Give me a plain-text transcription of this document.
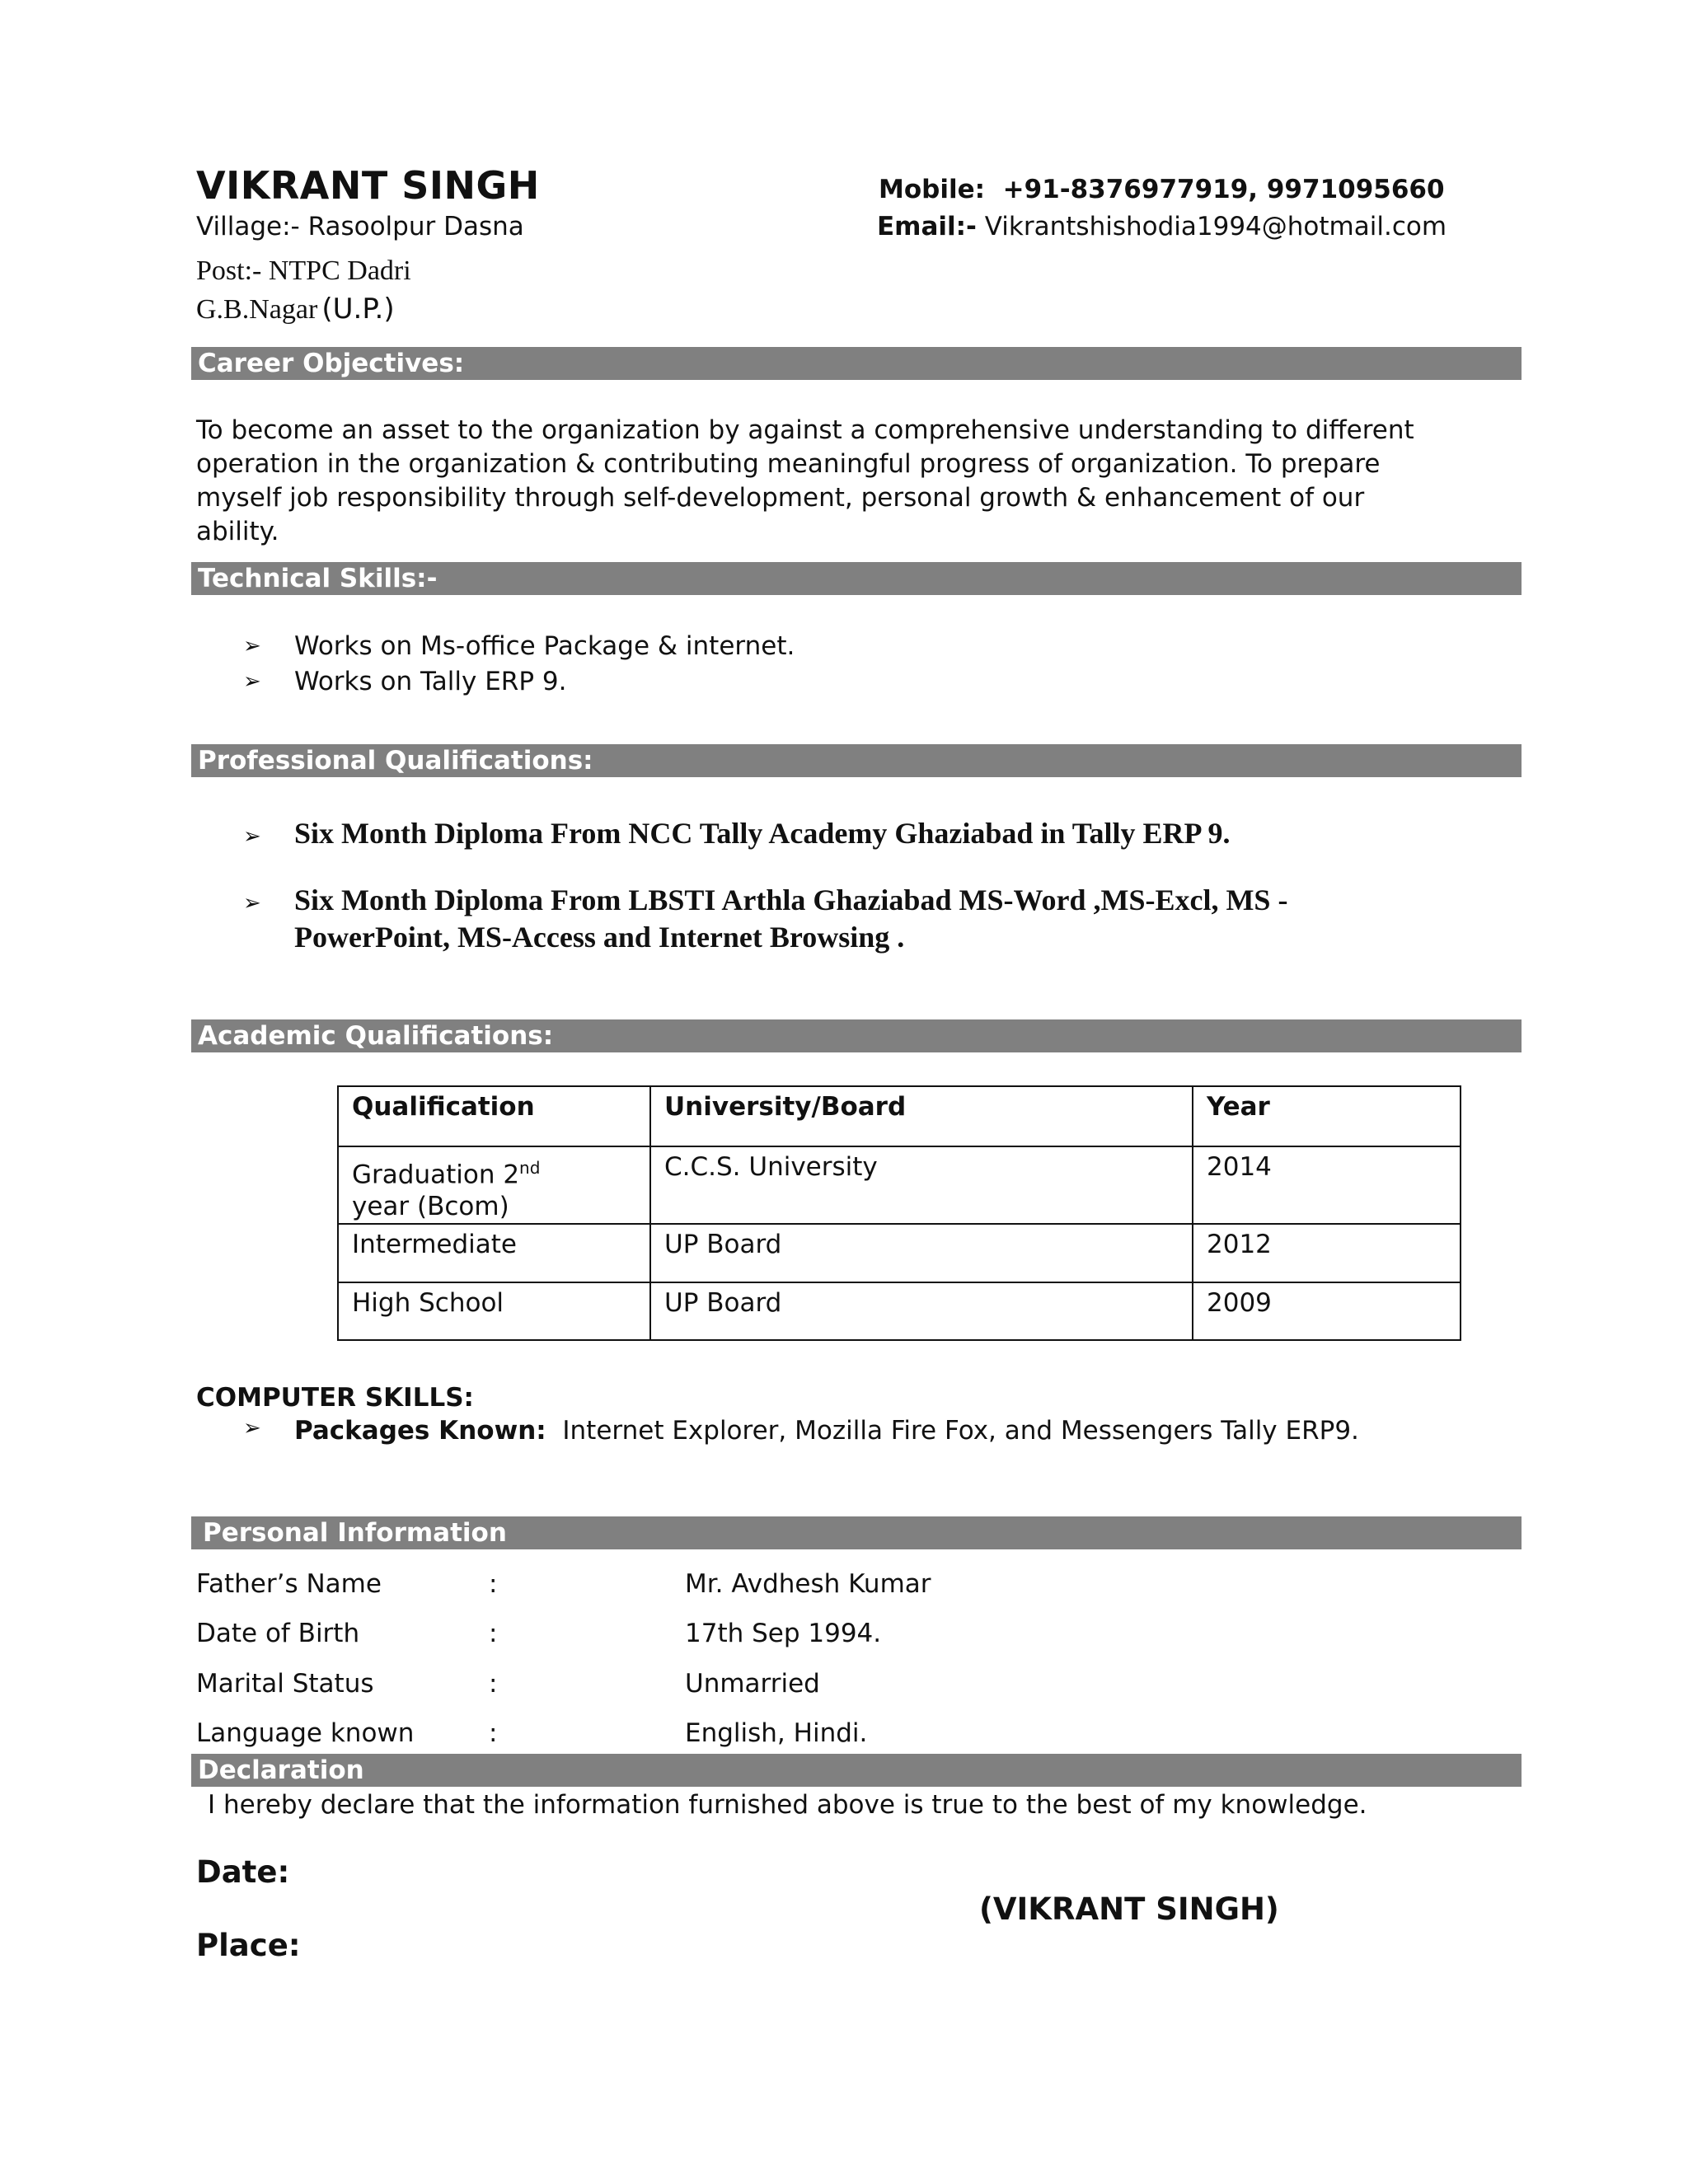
VIKRANT SINGH	Mobile: +91-8376977919, 9971095660
Village:- Rasoolpur Dasna	Email:- Vikrantshishodia1994@hotmail.com
Post:- NTPC Dadri
G.B.Nagar (U.P.)
Career Objectives:
To become an asset to the organization by against a comprehensive understanding to different
operation in the organization & contributing meaningful progress of organization. To prepare
myself job responsibility through self-development, personal growth & enhancement of our
ability.
Technical Skills:-
➢ Works on Ms-office Package & internet.
➢ Works on Tally ERP 9.
Professional Qualifications:
➢ Six Month Diploma From NCC Tally Academy Ghaziabad in Tally ERP 9.
➢ Six Month Diploma From LBSTI Arthla Ghaziabad MS-Word ,MS-Excl, MS -
PowerPoint, MS-Access and Internet Browsing .
Academic Qualifications:
Qualification	University/Board	Year
Graduation 2nd
year (Bcom)	C.C.S. University	2014
Intermediate	UP Board	2012
High School	UP Board	2009
COMPUTER SKILLS:
➢ Packages Known: Internet Explorer, Mozilla Fire Fox, and Messengers Tally ERP9.
Personal Information
Father’s Name	:	Mr. Avdhesh Kumar
Date of Birth	:	17th Sep 1994.
Marital Status	:	Unmarried
Language known	:	English, Hindi.
Declaration
I hereby declare that the information furnished above is true to the best of my knowledge.
Date:
(VIKRANT SINGH)
Place:
